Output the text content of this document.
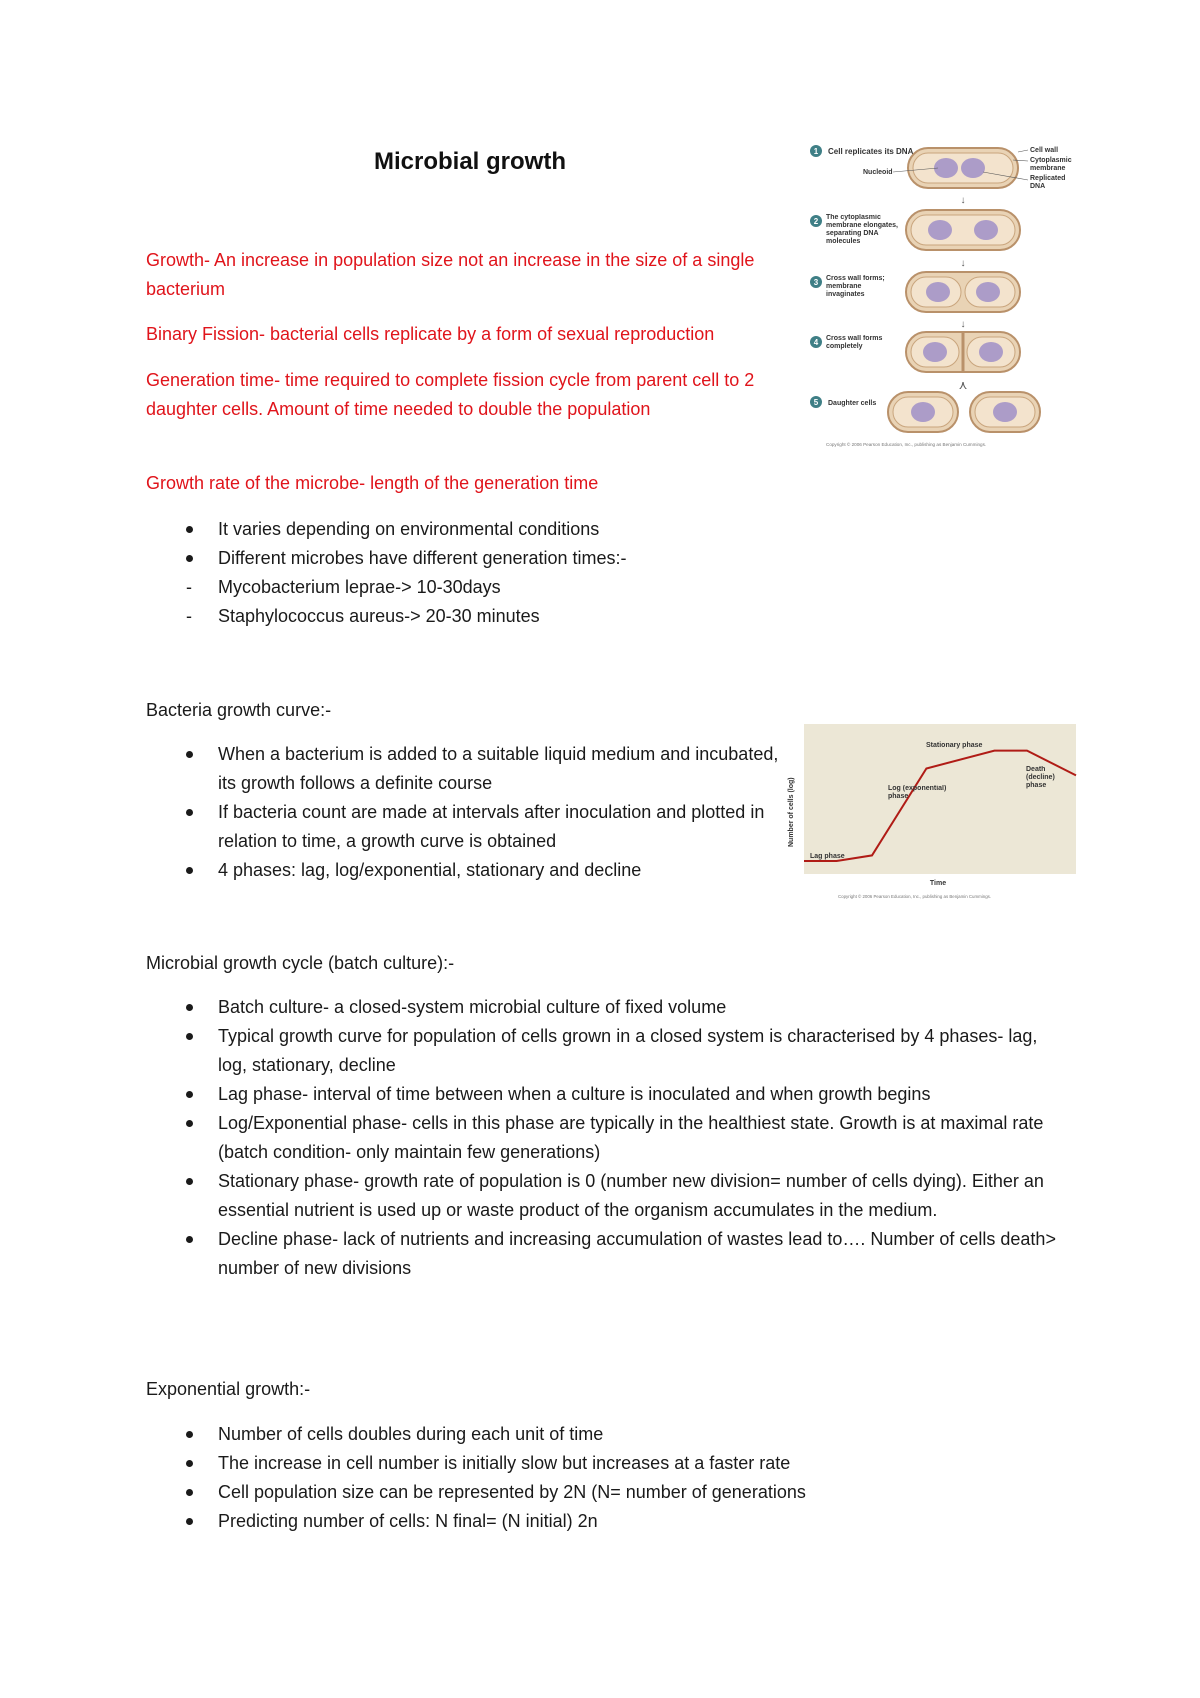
Microbial growth
Growth- An increase in population size not an increase in the size of a single bacterium
Binary Fission- bacterial cells replicate by a form of sexual reproduction
Generation time- time required to complete fission cycle from parent cell to 2 daughter cells. Amount of time needed to double the population
Growth rate of the microbe- length of the generation time
It varies depending on environmental conditions
Different microbes have different generation times:-
- Mycobacterium leprae-> 10-30days
- Staphylococcus aureus-> 20-30 minutes
Bacteria growth curve:-
When a bacterium is added to a suitable liquid medium and incubated, its growth follows a definite course
If bacteria count are made at intervals after inoculation and plotted in relation to time, a growth curve is obtained
4 phases: lag, log/exponential, stationary and decline
Microbial growth cycle (batch culture):-
Batch culture- a closed-system microbial culture of fixed volume
Typical growth curve for population of cells grown in a closed system is characterised by 4 phases- lag, log, stationary, decline
Lag phase- interval of time between when a culture is inoculated and when growth begins
Log/Exponential phase- cells in this phase are typically in the healthiest state. Growth is at maximal rate (batch condition- only maintain few generations)
Stationary phase- growth rate of population is 0 (number new division= number of cells dying). Either an essential nutrient is used up or waste product of the organism accumulates in the medium.
Decline phase- lack of nutrients and increasing accumulation of wastes lead to…. Number of cells death> number of new divisions
Exponential growth:-
Number of cells doubles during each unit of time
The increase in cell number is initially slow but increases at a faster rate
Cell population size can be represented by 2N (N= number of generations
Predicting number of cells: N final= (N initial) 2n
1 Cell replicates its DNA
2 The cytoplasmic membrane elongates, separating DNA molecules
3 Cross wall forms; membrane invaginates
4 Cross wall forms completely
5 Daughter cells
Nucleoid
Cell wall
Cytoplasmic
membrane
Replicated
DNA
↓
↓
↓
⋏
Copyright © 2006 Pearson Education, Inc., publishing as Benjamin Cummings.
Number of cells (log)
Time
Lag phase
Stationary phase
Log (exponential) phase
Death (decline) phase
Copyright © 2006 Pearson Education, Inc., publishing as Benjamin Cummings.
